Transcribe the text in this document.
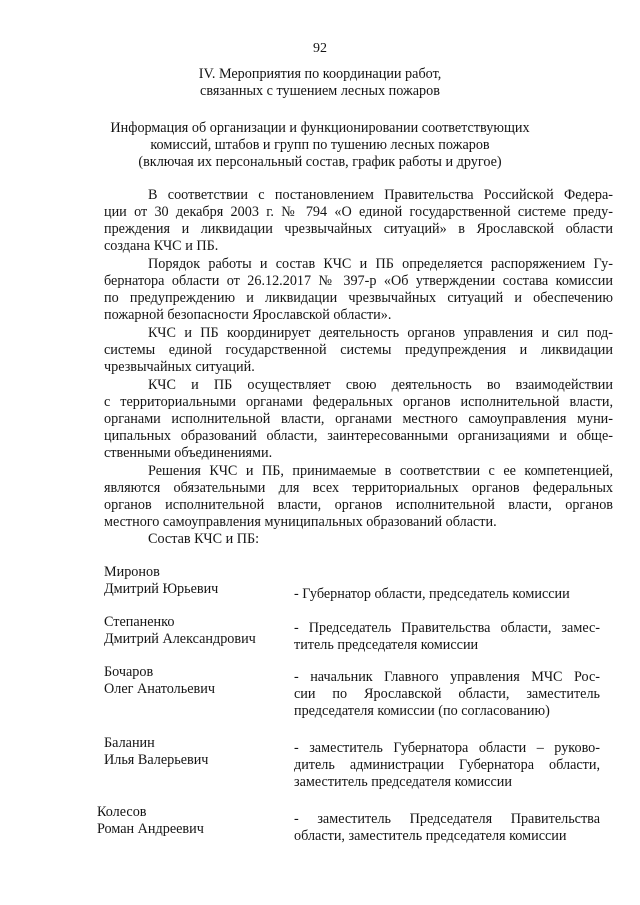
92
IV. Мероприятия по координации работ,
связанных с тушением лесных пожаров
Информация об организации и функционировании соответствующих
комиссий, штабов и групп по тушению лесных пожаров
(включая их персональный состав, график работы и другое)
В соответствии с постановлением Правительства Российской Федера-
ции от 30 декабря 2003 г. № 794 «О единой государственной системе преду-
преждения и ликвидации чрезвычайных ситуаций» в Ярославской области
создана КЧС и ПБ.
Порядок работы и состав КЧС и ПБ определяется распоряжением Гу-
бернатора области от 26.12.2017 № 397-р «Об утверждении состава комиссии
по предупреждению и ликвидации чрезвычайных ситуаций и обеспечению
пожарной безопасности Ярославской области».
КЧС и ПБ координирует деятельность органов управления и сил под-
системы единой государственной системы предупреждения и ликвидации
чрезвычайных ситуаций.
КЧС и ПБ осуществляет свою деятельность во взаимодействии
с территориальными органами федеральных органов исполнительной власти,
органами исполнительной власти, органами местного самоуправления муни-
ципальных образований области, заинтересованными организациями и обще-
ственными объединениями.
Решения КЧС и ПБ, принимаемые в соответствии с ее компетенцией,
являются обязательными для всех территориальных органов федеральных
органов исполнительной власти, органов исполнительной власти, органов
местного самоуправления муниципальных образований области.
Состав КЧС и ПБ:
Миронов
Дмитрий Юрьевич	- Губернатор области, председатель комиссии
Степаненко
Дмитрий Александрович
- Председатель Правительства области, замес-
титель председателя комиссии
Бочаров
Олег Анатольевич
- начальник Главного управления МЧС Рос-
сии по Ярославской области, заместитель
председателя комиссии (по согласованию)
Баланин
Илья Валерьевич
- заместитель Губернатора области – руково-
дитель администрации Губернатора области,
заместитель председателя комиссии
Колесов
Роман Андреевич
- заместитель Председателя Правительства
области, заместитель председателя комиссии
